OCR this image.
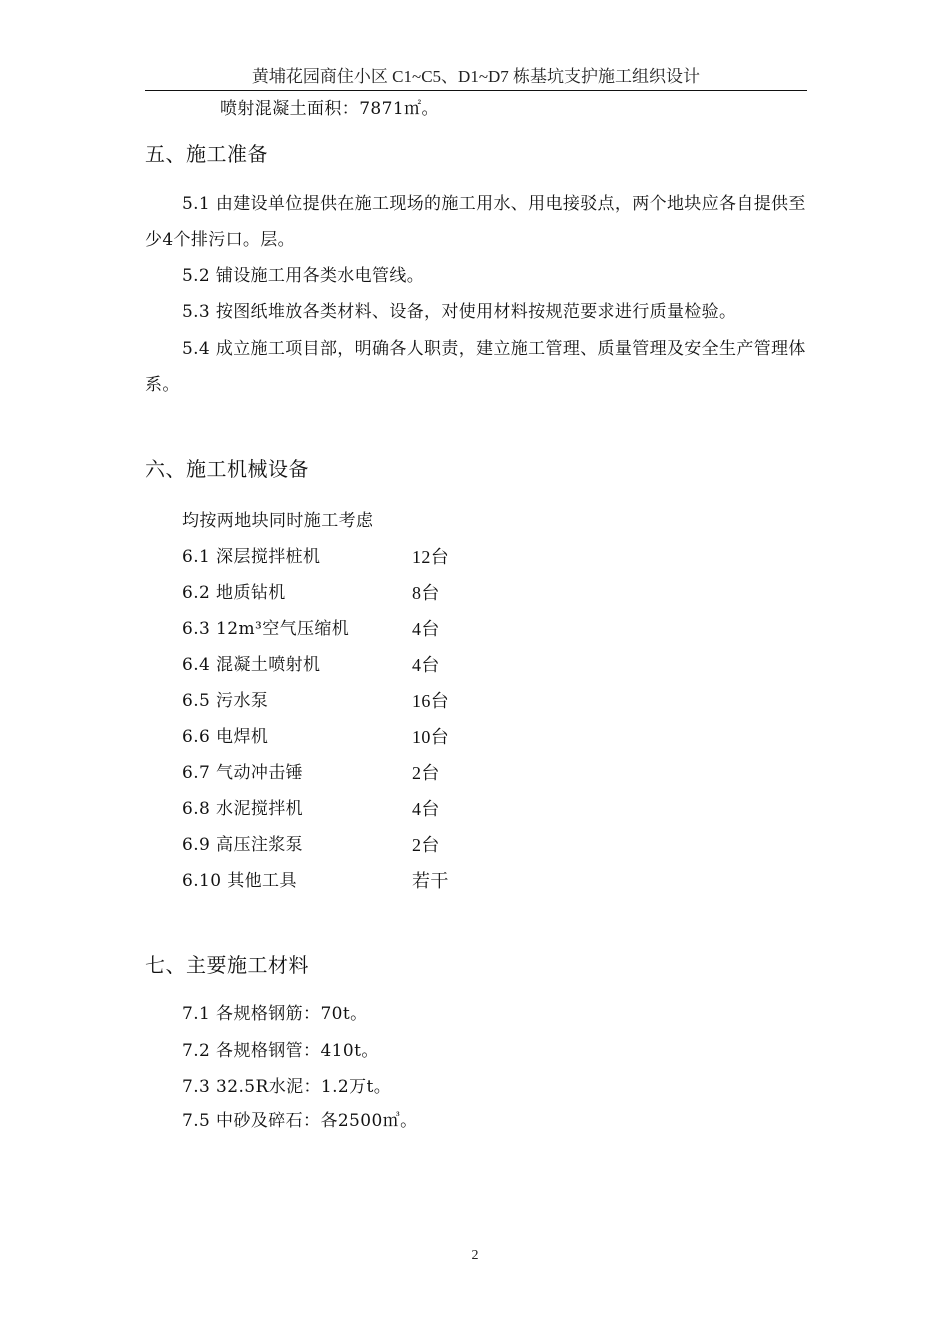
黄埔花园商住小区 C1~C5、D1~D7 栋基坑支护施工组织设计
喷射混凝土面积：7871㎡。
五、施工准备
5.1 由建设单位提供在施工现场的施工用水、用电接驳点，两个地块应各自提供至少4个排污口。层。
5.2 铺设施工用各类水电管线。
5.3 按图纸堆放各类材料、设备，对使用材料按规范要求进行质量检验。
5.4 成立施工项目部，明确各人职责，建立施工管理、质量管理及安全生产管理体系。
六、施工机械设备
均按两地块同时施工考虑
6.1 深层搅拌桩机	12台
6.2 地质钻机	8台
6.3 12m³空气压缩机	4台
6.4 混凝土喷射机	4台
6.5 污水泵	16台
6.6 电焊机	10台
6.7 气动冲击锤	2台
6.8 水泥搅拌机	4台
6.9 高压注浆泵	2台
6.10 其他工具	若干
七、主要施工材料
7.1 各规格钢筋：70t。
7.2 各规格钢管：410t。
7.3 32.5R水泥：1.2万t。
7.5 中砂及碎石：各2500㎥。
2
